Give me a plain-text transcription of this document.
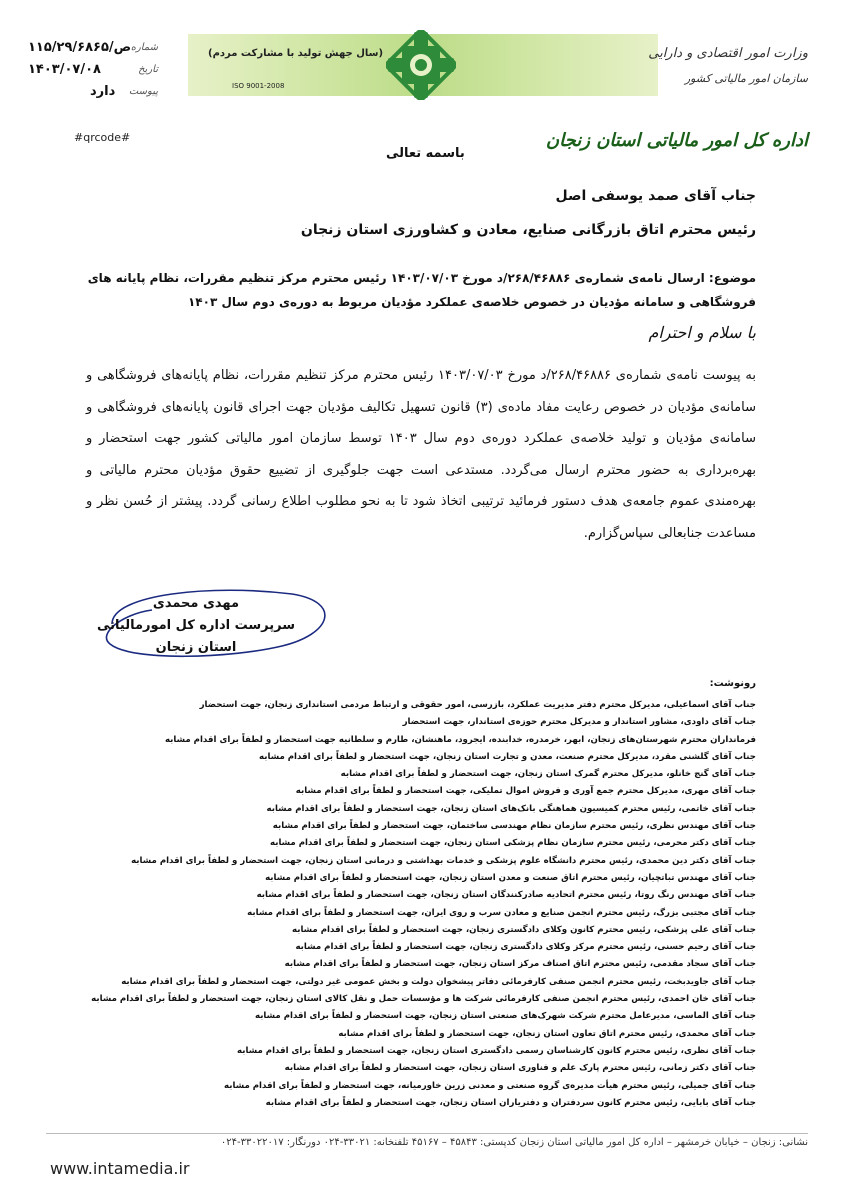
۱۱۵/۲۹/۶۸۶۵/ص شماره
۱۴۰۳/۰۷/۰۸	تاریخ
دارد پیوست
(سال جهش تولید با مشارکت مردم)
ISO 9001-2008
وزارت امور اقتصادی و دارایی
سازمان امور مالیاتی کشور
اداره کل امور مالیاتی استان زنجان
#qrcode#
باسمه تعالی
جناب آقای صمد یوسفی اصل
رئیس محترم اتاق بازرگانی صنایع، معادن و کشاورزی استان زنجان
موضوع: ارسال نامه‌ی شماره‌ی ۲۶۸/۴۶۸۸۶/د مورخ ۱۴۰۳/۰۷/۰۳ رئیس محترم مرکز تنظیم مقررات، نظام پایانه های فروشگاهی و سامانه مؤدیان در خصوص خلاصه‌ی عملکرد مؤدیان مربوط به دوره‌ی دوم سال ۱۴۰۳
با سلام و احترام
به پیوست نامه‌ی شماره‌ی ۲۶۸/۴۶۸۸۶/د مورخ ۱۴۰۳/۰۷/۰۳ رئیس محترم مرکز تنظیم مقررات، نظام پایانه‌های فروشگاهی و سامانه‌ی مؤدیان در خصوص رعایت مفاد ماده‌ی (۳) قانون تسهیل تکالیف مؤدیان جهت اجرای قانون پایانه‌های فروشگاهی و سامانه‌ی مؤدیان و تولید خلاصه‌ی عملکرد دوره‌ی دوم سال ۱۴۰۳ توسط سازمان امور مالیاتی کشور جهت استحضار و بهره‌برداری به حضور محترم ارسال می‌گردد. مستدعی است جهت جلوگیری از تضییع حقوق مؤدیان محترم مالیاتی و بهره‌مندی عموم جامعه‌ی هدف دستور فرمائید ترتیبی اتخاذ شود تا به نحو مطلوب اطلاع رسانی گردد. پیشتر از حُسن نظر و مساعدت جنابعالی سپاس‌گزارم.
مهدی محمدی
سرپرست اداره کل امورمالیاتی
استان زنجان
رونوشت:
جناب آقای اسماعیلی، مدیرکل محترم دفتر مدیریت عملکرد، بازرسی، امور حقوقی و ارتباط مردمی استانداری زنجان، جهت استحضار
جناب آقای داودی، مشاور استاندار و مدیرکل محترم حوزه‌ی استاندار، جهت استحضار
فرمانداران محترم شهرستان‌های زنجان، ابهر، خرمدره، خدابنده، ایجرود، ماهنشان، طارم و سلطانیه جهت استحضار و لطفاً برای اقدام مشابه
جناب آقای گلشنی مقرد، مدیرکل محترم صنعت، معدن و تجارت استان زنجان، جهت استحضار و لطفاً برای اقدام مشابه
جناب آقای گنج خانلو، مدیرکل محترم گمرک استان زنجان، جهت استحضار و لطفاً برای اقدام مشابه
جناب آقای مهری، مدیرکل محترم جمع آوری و فروش اموال تملیکی، جهت استحضار و لطفاً برای اقدام مشابه
جناب آقای خاتمی، رئیس محترم کمیسیون هماهنگی بانک‌های استان زنجان، جهت استحضار و لطفاً برای اقدام مشابه
جناب آقای مهندس نظری، رئیس محترم سازمان نظام مهندسی ساختمان، جهت استحضار و لطفاً برای اقدام مشابه
جناب آقای دکتر محرمی، رئیس محترم سازمان نظام پزشکی استان زنجان، جهت استحضار و لطفاً برای اقدام مشابه
جناب آقای دکتر دین محمدی، رئیس محترم دانشگاه علوم پزشکی و خدمات بهداشتی و درمانی استان زنجان، جهت استحضار و لطفاً برای اقدام مشابه
جناب آقای مهندس تباتچیان، رئیس محترم اتاق صنعت و معدن استان زنجان، جهت استحضار و لطفاً برای اقدام مشابه
جناب آقای مهندس رنگ روتا، رئیس محترم اتحادیه صادرکنندگان استان زنجان، جهت استحضار و لطفاً برای اقدام مشابه
جناب آقای مجتبی بزرگ، رئیس محترم انجمن صنایع و معادن سرب و روی ایران، جهت استحضار و لطفاً برای اقدام مشابه
جناب آقای علی پزشکی، رئیس محترم کانون وکلای دادگستری زنجان، جهت استحضار و لطفاً برای اقدام مشابه
جناب آقای رحیم حسنی، رئیس محترم مرکز وکلای دادگستری زنجان، جهت استحضار و لطفاً برای اقدام مشابه
جناب آقای سجاد مقدمی، رئیس محترم اتاق اصناف مرکز استان زنجان، جهت استحضار و لطفاً برای اقدام مشابه
جناب آقای جاویدبخت، رئیس محترم انجمن صنفی کارفرمائی دفاتر پیشخوان دولت و بخش عمومی غیر دولتی، جهت استحضار و لطفاً برای اقدام مشابه
جناب آقای خان احمدی، رئیس محترم انجمن صنفی کارفرمائی شرکت ها و مؤسسات حمل و نقل کالای استان زنجان، جهت استحضار و لطفاً برای اقدام مشابه
جناب آقای الماسی، مدیرعامل محترم شرکت شهرک‌های صنعتی استان زنجان، جهت استحضار و لطفاً برای اقدام مشابه
جناب آقای محمدی، رئیس محترم اتاق تعاون استان زنجان، جهت استحضار و لطفاً برای اقدام مشابه
جناب آقای نظری، رئیس محترم کانون کارشناسان رسمی دادگستری استان زنجان، جهت استحضار و لطفاً برای اقدام مشابه
جناب آقای دکتر زمانی، رئیس محترم پارک علم و فناوری استان زنجان، جهت استحضار و لطفاً برای اقدام مشابه
جناب آقای جمیلی، رئیس محترم هیأت مدیره‌ی گروه صنعتی و معدنی زرین خاورمیانه، جهت استحضار و لطفاً برای اقدام مشابه
جناب آقای بابایی، رئیس محترم کانون سردفتران و دفتریاران استان زنجان، جهت استحضار و لطفاً برای اقدام مشابه
نشانی: زنجان – خیابان خرمشهر – اداره کل امور مالیاتی استان زنجان کدپستی: ۴۵۸۴۳ – ۴۵۱۶۷ تلفنخانه: ۳۳۰۲۱-۰۲۴ دورنگار: ۳۳۰۲۲۰۱۷-۰۲۴
www.intamedia.ir
